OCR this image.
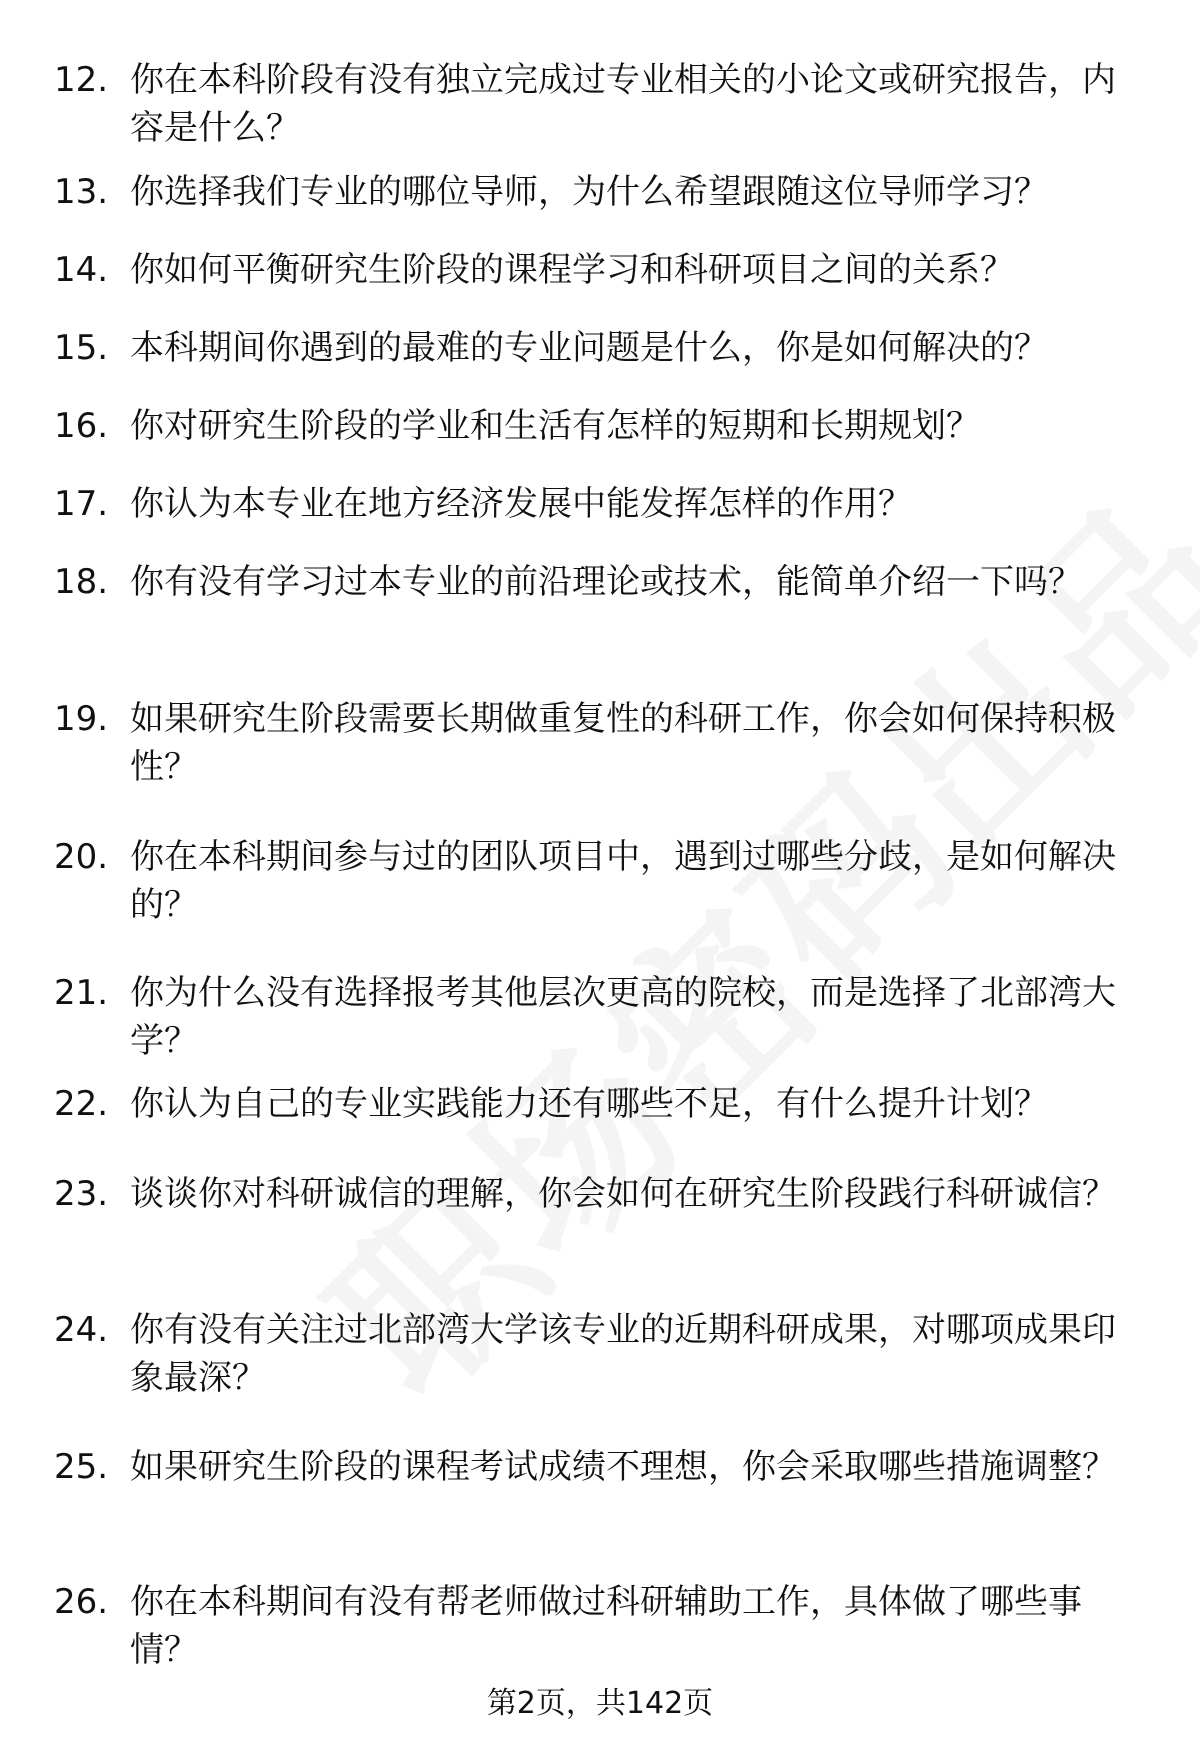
12. 你在本科阶段有没有独立完成过专业相关的小论文或研究报告，内容是什么？
13. 你选择我们专业的哪位导师，为什么希望跟随这位导师学习？
14. 你如何平衡研究生阶段的课程学习和科研项目之间的关系？
15. 本科期间你遇到的最难的专业问题是什么，你是如何解决的？
16. 你对研究生阶段的学业和生活有怎样的短期和长期规划？
17. 你认为本专业在地方经济发展中能发挥怎样的作用？
18. 你有没有学习过本专业的前沿理论或技术，能简单介绍一下吗？
19. 如果研究生阶段需要长期做重复性的科研工作，你会如何保持积极性？
20. 你在本科期间参与过的团队项目中，遇到过哪些分歧，是如何解决的？
21. 你为什么没有选择报考其他层次更高的院校，而是选择了北部湾大学？
22. 你认为自己的专业实践能力还有哪些不足，有什么提升计划？
23. 谈谈你对科研诚信的理解，你会如何在研究生阶段践行科研诚信？
24. 你有没有关注过北部湾大学该专业的近期科研成果，对哪项成果印象最深？
25. 如果研究生阶段的课程考试成绩不理想，你会采取哪些措施调整？
26. 你在本科期间有没有帮老师做过科研辅助工作，具体做了哪些事情？
第2页，共142页
